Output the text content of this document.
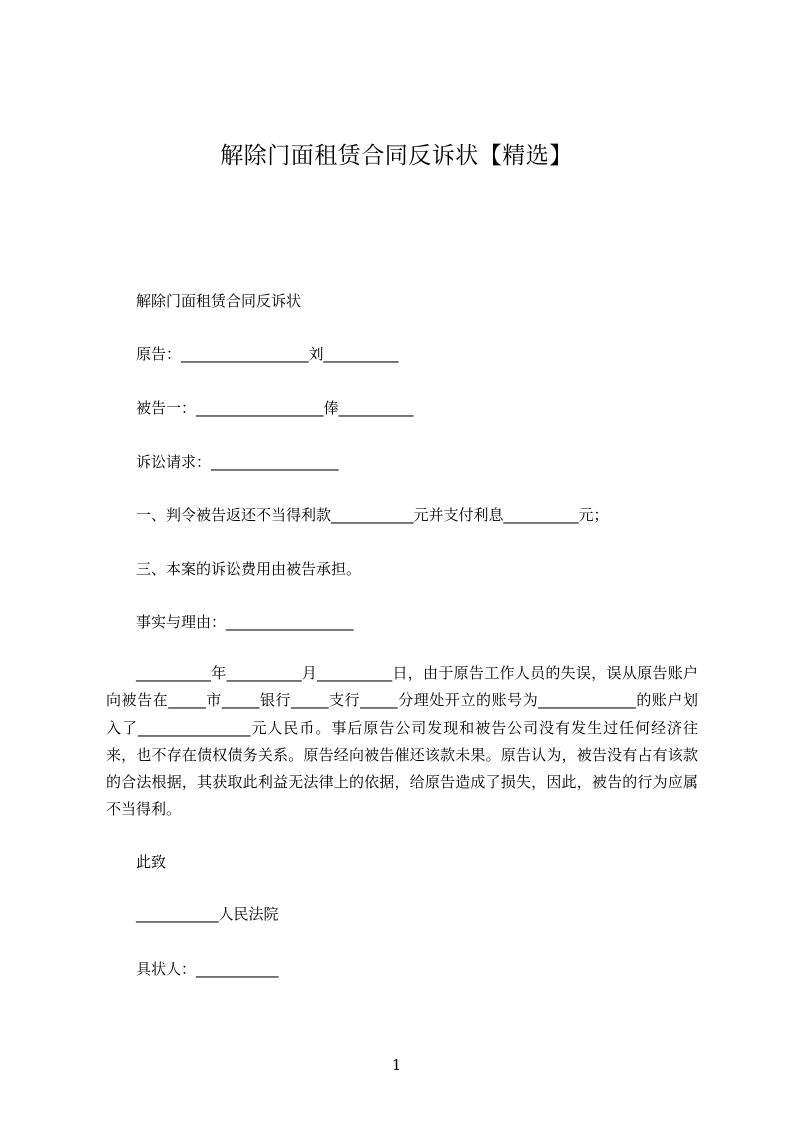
解除门面租赁合同反诉状【精选】
解除门面租赁合同反诉状
原告：_________________刘__________
被告一：_________________俸__________
诉讼请求：_________________
一、判令被告返还不当得利款___________元并支付利息__________元；
三、本案的诉讼费用由被告承担。
事实与理由：_________________
__________年__________月__________日，由于原告工作人员的失误，误从原告账户向被告在_____市_____银行_____支行_____分理处开立的账号为_____________的账户划入了_______________元人民币。事后原告公司发现和被告公司没有发生过任何经济往来，也不存在债权债务关系。原告经向被告催还该款未果。原告认为，被告没有占有该款的合法根据，其获取此利益无法律上的依据，给原告造成了损失，因此，被告的行为应属不当得利。
此致
___________人民法院
具状人：___________
1
